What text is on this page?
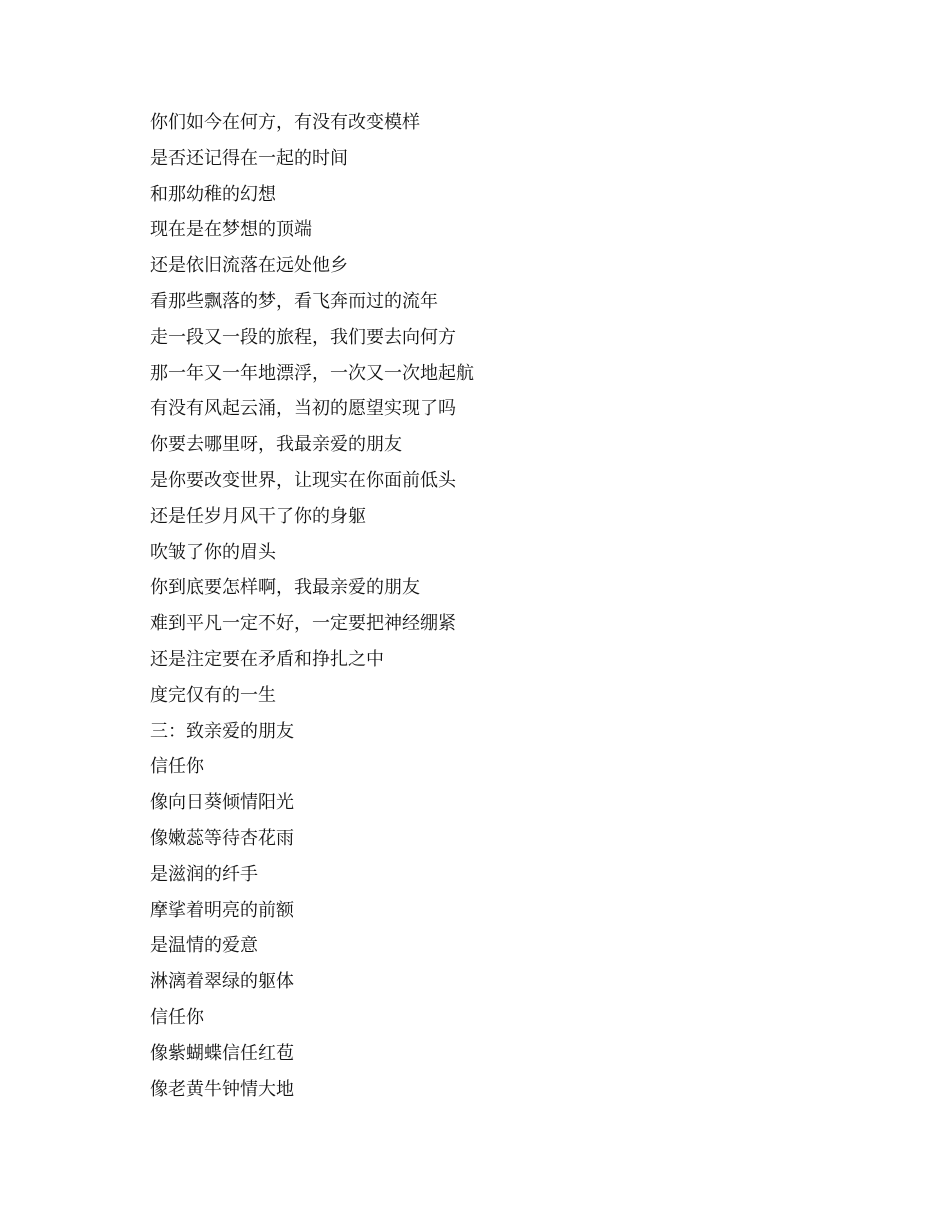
你们如今在何方，有没有改变模样
是否还记得在一起的时间
和那幼稚的幻想
现在是在梦想的顶端
还是依旧流落在远处他乡
看那些飘落的梦，看飞奔而过的流年
走一段又一段的旅程，我们要去向何方
那一年又一年地漂浮，一次又一次地起航
有没有风起云涌，当初的愿望实现了吗
你要去哪里呀，我最亲爱的朋友
是你要改变世界，让现实在你面前低头
还是任岁月风干了你的身躯
吹皱了你的眉头
你到底要怎样啊，我最亲爱的朋友
难到平凡一定不好，一定要把神经绷紧
还是注定要在矛盾和挣扎之中
度完仅有的一生
三：致亲爱的朋友
信任你
像向日葵倾情阳光
像嫩蕊等待杏花雨
是滋润的纤手
摩挲着明亮的前额
是温情的爱意
淋漓着翠绿的躯体
信任你
像紫蝴蝶信任红苞
像老黄牛钟情大地
